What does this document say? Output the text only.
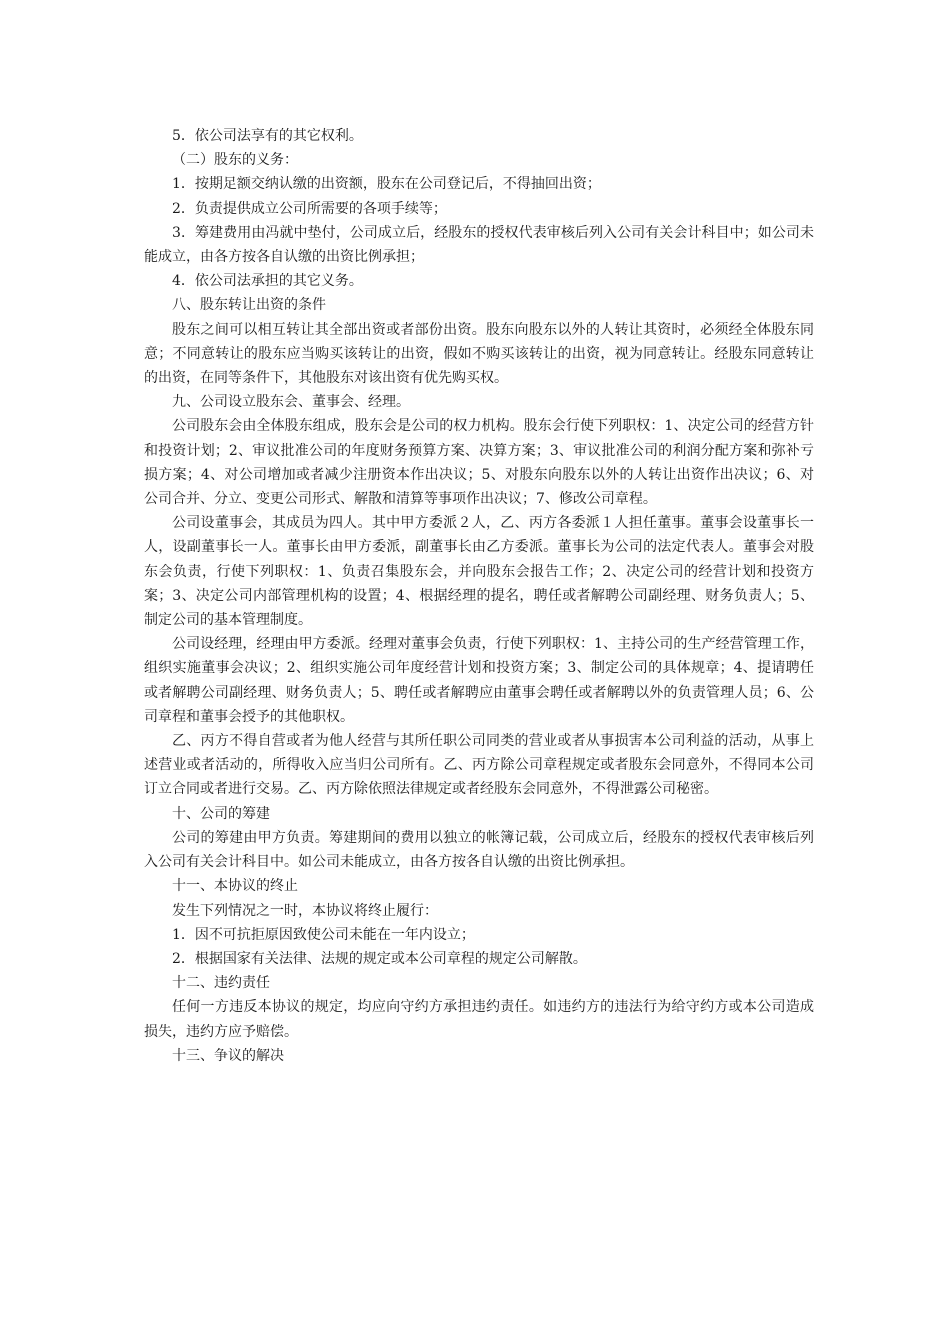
5．依公司法享有的其它权利。

（二）股东的义务：

1．按期足额交纳认缴的出资额，股东在公司登记后，不得抽回出资；

2．负责提供成立公司所需要的各项手续等；

3．筹建费用由冯就中垫付，公司成立后，经股东的授权代表审核后列入公司有关会计科目中；如公司未能成立，由各方按各自认缴的出资比例承担；

4．依公司法承担的其它义务。

八、股东转让出资的条件

股东之间可以相互转让其全部出资或者部份出资。股东向股东以外的人转让其资时，必须经全体股东同意；不同意转让的股东应当购买该转让的出资，假如不购买该转让的出资，视为同意转让。经股东同意转让的出资，在同等条件下，其他股东对该出资有优先购买权。

九、公司设立股东会、董事会、经理。

公司股东会由全体股东组成，股东会是公司的权力机构。股东会行使下列职权：1、决定公司的经营方针和投资计划；2、审议批准公司的年度财务预算方案、决算方案；3、审议批准公司的利润分配方案和弥补亏损方案；4、对公司增加或者减少注册资本作出决议；5、对股东向股东以外的人转让出资作出决议；6、对公司合并、分立、变更公司形式、解散和清算等事项作出决议；7、修改公司章程。

公司设董事会，其成员为四人。其中甲方委派２人，乙、丙方各委派１人担任董事。董事会设董事长一人，设副董事长一人。董事长由甲方委派，副董事长由乙方委派。董事长为公司的法定代表人。董事会对股东会负责，行使下列职权：1、负责召集股东会，并向股东会报告工作；2、决定公司的经营计划和投资方案；3、决定公司内部管理机构的设置；4、根据经理的提名，聘任或者解聘公司副经理、财务负责人；5、制定公司的基本管理制度。

公司设经理，经理由甲方委派。经理对董事会负责，行使下列职权：1、主持公司的生产经营管理工作，组织实施董事会决议；2、组织实施公司年度经营计划和投资方案；3、制定公司的具体规章；4、提请聘任或者解聘公司副经理、财务负责人；5、聘任或者解聘应由董事会聘任或者解聘以外的负责管理人员；6、公司章程和董事会授予的其他职权。

乙、丙方不得自营或者为他人经营与其所任职公司同类的营业或者从事损害本公司利益的活动，从事上述营业或者活动的，所得收入应当归公司所有。乙、丙方除公司章程规定或者股东会同意外，不得同本公司订立合同或者进行交易。乙、丙方除依照法律规定或者经股东会同意外，不得泄露公司秘密。

十、公司的筹建

公司的筹建由甲方负责。筹建期间的费用以独立的帐簿记载，公司成立后，经股东的授权代表审核后列入公司有关会计科目中。如公司未能成立，由各方按各自认缴的出资比例承担。

十一、本协议的终止

发生下列情况之一时，本协议将终止履行：

1．因不可抗拒原因致使公司未能在一年内设立；

2．根据国家有关法律、法规的规定或本公司章程的规定公司解散。

十二、违约责任

任何一方违反本协议的规定，均应向守约方承担违约责任。如违约方的违法行为给守约方或本公司造成损失，违约方应予赔偿。

十三、争议的解决
